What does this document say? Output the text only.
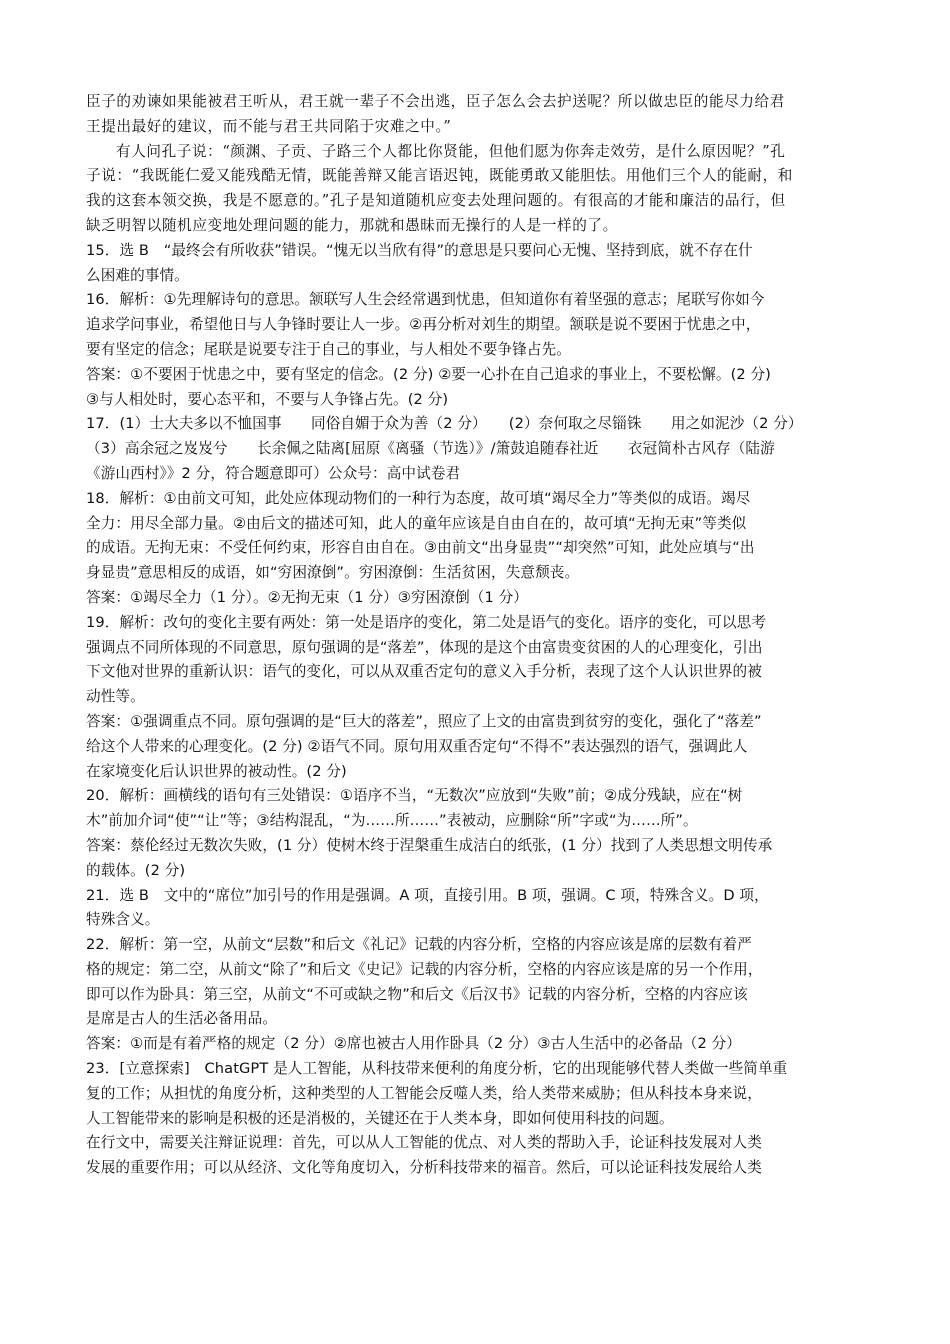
臣子的劝谏如果能被君王听从，君王就一辈子不会出逃，臣子怎么会去护送呢？所以做忠臣的能尽力给君
王提出最好的建议，而不能与君王共同陷于灾难之中。”
有人问孔子说：“颜渊、子贡、子路三个人都比你贤能，但他们愿为你奔走效劳，是什么原因呢？”孔
子说：“我既能仁爱又能残酷无情，既能善辩又能言语迟钝，既能勇敢又能胆怯。用他们三个人的能耐，和
我的这套本领交换，我是不愿意的。”孔子是知道随机应变去处理问题的。有很高的才能和廉洁的品行，但
缺乏明智以随机应变地处理问题的能力，那就和愚昧而无操行的人是一样的了。
15．选 B　“最终会有所收获”错误。“愧无以当欣有得”的意思是只要问心无愧、坚持到底，就不存在什
么困难的事情。
16．解析：①先理解诗句的意思。颔联写人生会经常遇到忧患，但知道你有着坚强的意志；尾联写你如今
追求学问事业，希望他日与人争锋时要让人一步。②再分析对刘生的期望。颔联是说不要困于忧患之中，
要有坚定的信念；尾联是说要专注于自己的事业，与人相处不要争锋占先。
答案：①不要困于忧患之中，要有坚定的信念。(2 分) ②要一心扑在自己追求的事业上，不要松懈。(2 分)
③与人相处时，要心态平和，不要与人争锋占先。(2 分)
17．(1）士大夫多以不恤国事　　同俗自媚于众为善（2 分）　　(2）奈何取之尽锱铢　　用之如泥沙（2 分）
（3）高余冠之岌岌兮　　长余佩之陆离[屈原《离骚（节选）》/箫鼓追随春社近　　衣冠简朴古风存（陆游
《游山西村》》2 分，符合题意即可）公众号：高中试卷君
18．解析：①由前文可知，此处应体现动物们的一种行为态度，故可填“竭尽全力”等类似的成语。竭尽
全力：用尽全部力量。②由后文的描述可知，此人的童年应该是自由自在的，故可填“无拘无束”等类似
的成语。无拘无束：不受任何约束，形容自由自在。③由前文“出身显贵”“却突然”可知，此处应填与“出
身显贵”意思相反的成语，如“穷困潦倒”。穷困潦倒：生活贫困，失意颓丧。
答案：①竭尽全力（1 分）。②无拘无束（1 分）③穷困潦倒（1 分）
19．解析：改句的变化主要有两处：第一处是语序的变化，第二处是语气的变化。语序的变化，可以思考
强调点不同所体现的不同意思，原句强调的是“落差”，体现的是这个由富贵变贫困的人的心理变化，引出
下文他对世界的重新认识：语气的变化，可以从双重否定句的意义入手分析，表现了这个人认识世界的被
动性等。
答案：①强调重点不同。原句强调的是“巨大的落差”，照应了上文的由富贵到贫穷的变化，强化了“落差”
给这个人带来的心理变化。(2 分) ②语气不同。原句用双重否定句“不得不”表达强烈的语气，强调此人
在家境变化后认识世界的被动性。(2 分)
20．解析：画横线的语句有三处错误：①语序不当，“无数次”应放到“失败”前；②成分残缺，应在“树
木”前加介词“使”“让”等；③结构混乱，“为……所……”表被动，应删除“所”字或“为……所”。
答案：蔡伦经过无数次失败，(1 分）使树木终于涅槃重生成洁白的纸张，(1 分）找到了人类思想文明传承
的载体。(2 分)
21．选 B　文中的“席位”加引号的作用是强调。A 项，直接引用。B 项，强调。C 项，特殊含义。D 项，
特殊含义。
22．解析：第一空，从前文“层数”和后文《礼记》记载的内容分析，空格的内容应该是席的层数有着严
格的规定：第二空，从前文“除了”和后文《史记》记载的内容分析，空格的内容应该是席的另一个作用，
即可以作为卧具：第三空，从前文“不可或缺之物”和后文《后汉书》记载的内容分析，空格的内容应该
是席是古人的生活必备用品。
答案：①而是有着严格的规定（2 分）②席也被古人用作卧具（2 分）③古人生活中的必备品（2 分）
23．[立意探索]　ChatGPT 是人工智能，从科技带来便利的角度分析，它的出现能够代替人类做一些简单重
复的工作；从担忧的角度分析，这种类型的人工智能会反噬人类，给人类带来威胁；但从科技本身来说，
人工智能带来的影响是积极的还是消极的，关键还在于人类本身，即如何使用科技的问题。
在行文中，需要关注辩证说理：首先，可以从人工智能的优点、对人类的帮助入手，论证科技发展对人类
发展的重要作用；可以从经济、文化等角度切入，分析科技带来的福音。然后，可以论证科技发展给人类
